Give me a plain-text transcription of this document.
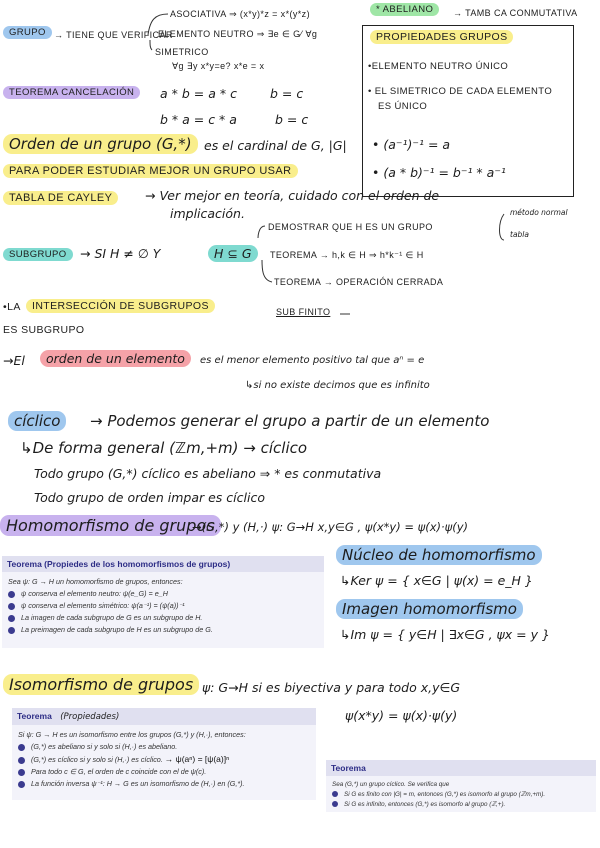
GRUPO → TIENE QUE VERIFICAR
ASOCIATIVA ⇒ (x*y)*z = x*(y*z)
ELEMENTO NEUTRO ⇒ ∃e ∈ G⁄ ∀g
SIMETRICO
∀g ∃y x*y=e? x*e = x
* ABELIANO	→ TAMB CA CONMUTATIVA
PROPIEDADES GRUPOS
•ELEMENTO NEUTRO ÚNICO
• EL SIMETRICO DE CADA ELEMENTO
ES ÚNICO
• (a⁻¹)⁻¹ = a
• (a * b)⁻¹ = b⁻¹ * a⁻¹
TEOREMA CANCELACIÓN	a * b = a * c	b = c
b * a = c * a	b = c
Orden de un grupo (G,*) es el cardinal de G, |G|
PARA PODER ESTUDIAR MEJOR UN GRUPO USAR
TABLA DE CAYLEY	→ Ver mejor en teoría, cuidado con el orden de
implicación.
SUBGRUPO	→ SI H ≠ ∅ Y	H ⊆ G
DEMOSTRAR QUE H ES UN GRUPO
método normal
tabla
TEOREMA → h,k ∈ H ⇒ h*k⁻¹ ∈ H
TEOREMA → OPERACIÓN CERRADA
SUB FINITO
•LA	INTERSECCIÓN DE SUBGRUPOS
ES SUBGRUPO
→El	orden de un elemento	es el menor elemento positivo tal que aⁿ = e
↳si no existe decimos que es infinito
cíclico	→ Podemos generar el grupo a partir de un elemento
↳De forma general (ℤm,+m) → cíclico
Todo grupo (G,*) cíclico es abeliano ⇒ * es conmutativa
Todo grupo de orden impar es cíclico
Homomorfismo de grupos
→(G,*) y (H,·) ψ: G→H x,y∈G , ψ(x*y) = ψ(x)·ψ(y)
Teorema (Propiedes de los homomorfismos de grupos)
Sea ψ: G → H un homomorfismo de grupos, entonces:
ψ conserva el elemento neutro: ψ(e_G) = e_H
ψ conserva el elemento simétrico: ψ(a⁻¹) = (ψ(a))⁻¹
La imagen de cada subgrupo de G es un subgrupo de H.
La preimagen de cada subgrupo de H es un subgrupo de G.
Núcleo de homomorfismo
↳Ker ψ = { x∈G | ψ(x) = e_H }
Imagen homomorfismo
↳Im ψ = { y∈H | ∃x∈G , ψx = y }
Isomorfismo de grupos ψ: G→H si es biyectiva y para todo x,y∈G
ψ(x*y) = ψ(x)·ψ(y)
Teorema (Propiedades)
Si ψ: G → H es un isomorfismo entre los grupos (G,*) y (H,·), entonces:
(G,*) es abeliano si y solo si (H,·) es abeliano.
(G,*) es cíclico si y solo si (H,·) es cíclico. → ψ(aⁿ) = [ψ(a)]ⁿ
Para todo c ∈ G, el orden de c coincide con el de ψ(c).
La función inversa ψ⁻¹: H → G es un isomorfismo de (H,·) en (G,*).
Teorema
Sea (G,*) un grupo cíclico. Se verifica que
Si G es finito con |G| = m, entonces (G,*) es isomorfo al grupo (ℤm,+m).
Si G es infinito, entonces (G,*) es isomorfo al grupo (ℤ,+).
